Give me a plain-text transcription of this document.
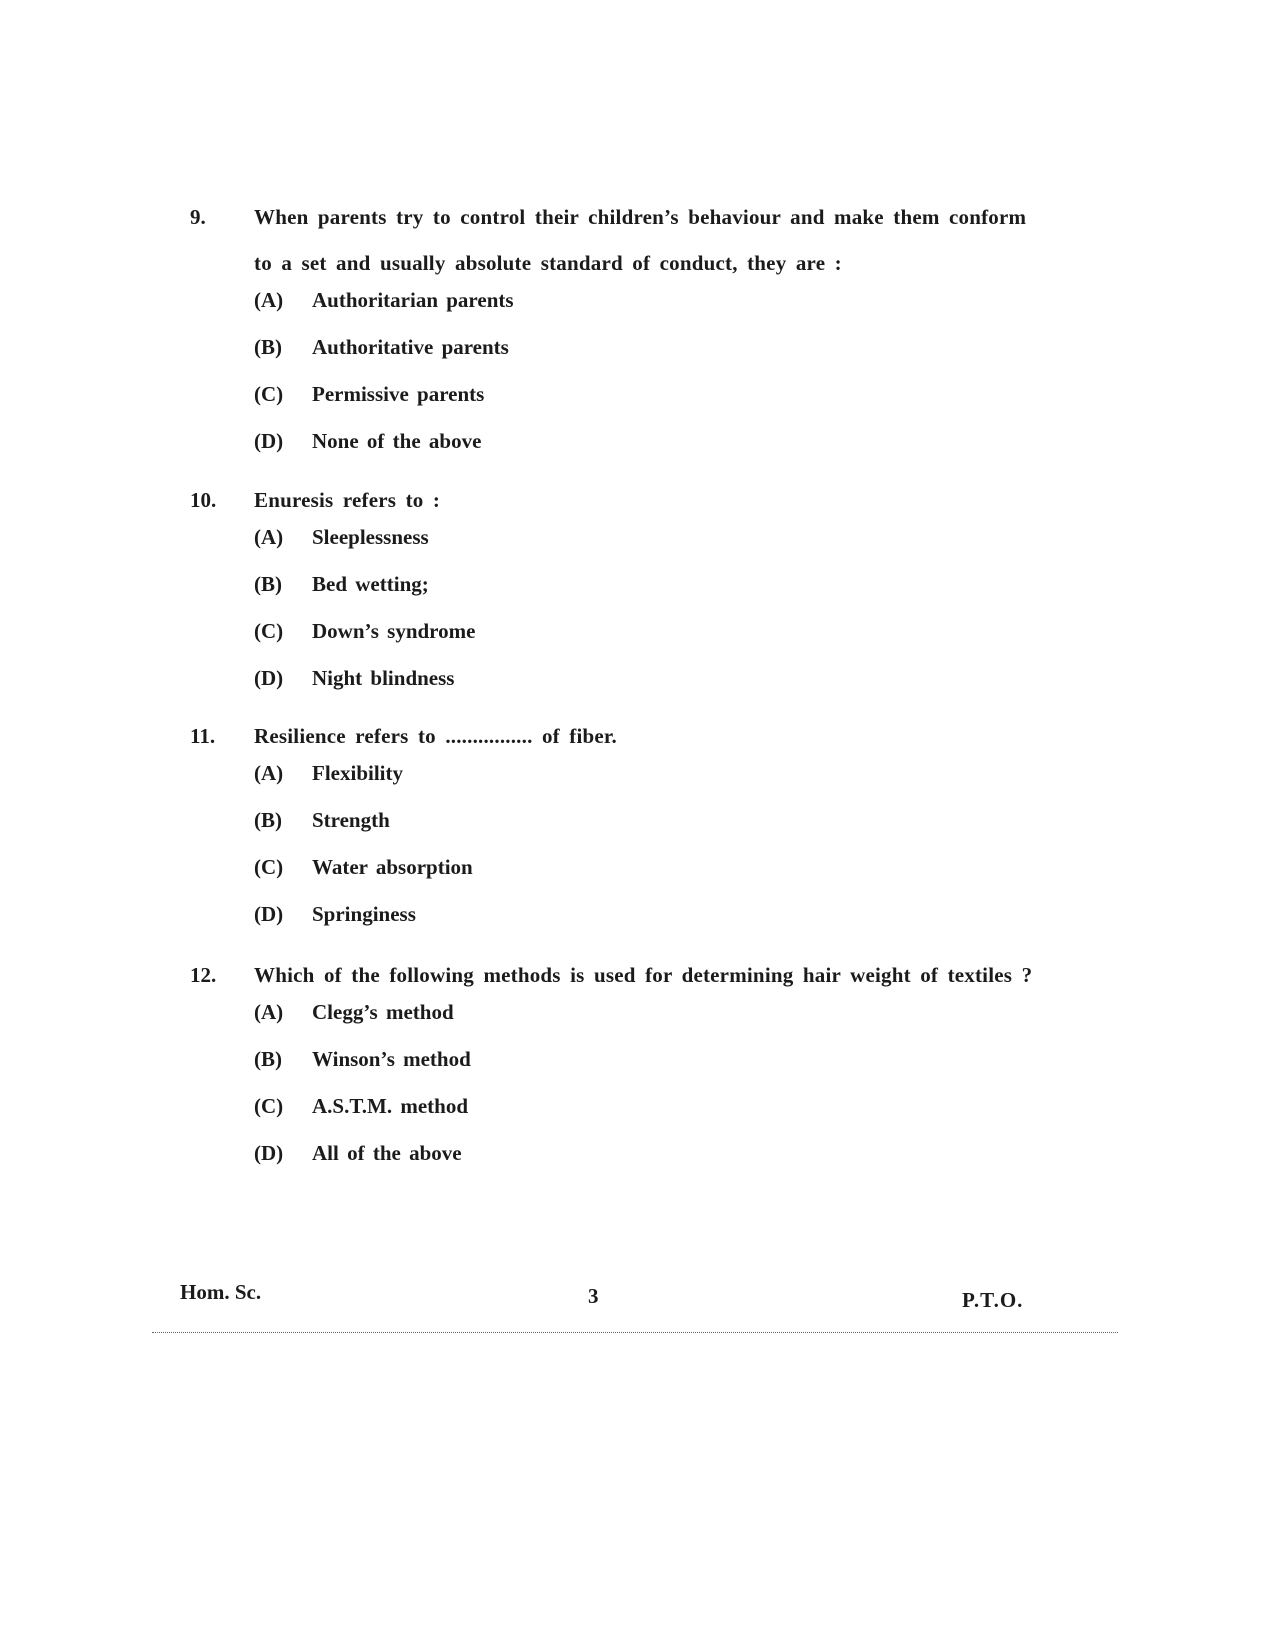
9.	When parents try to control their children’s behaviour and make them conform to a set and usually absolute standard of conduct, they are :
(A)	Authoritarian parents
(B)	Authoritative parents
(C)	Permissive parents
(D)	None of the above
10.	Enuresis refers to :
(A)	Sleeplessness
(B)	Bed wetting;
(C)	Down’s syndrome
(D)	Night blindness
11.	Resilience refers to ................ of fiber.
(A)	Flexibility
(B)	Strength
(C)	Water absorption
(D)	Springiness
12.	Which of the following methods is used for determining hair weight of textiles ?
(A)	Clegg’s method
(B)	Winson’s method
(C)	A.S.T.M. method
(D)	All of the above
Hom. Sc.	3	P.T.O.
